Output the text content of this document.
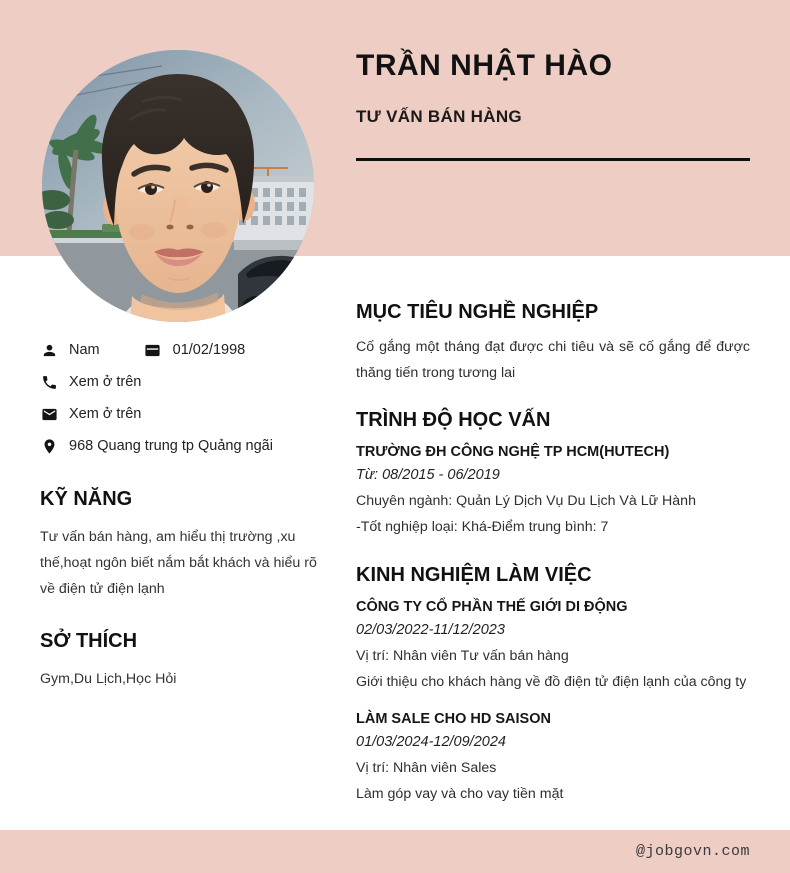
TRẦN NHẬT HÀO
TƯ VẤN BÁN HÀNG
Nam	01/02/1998
Xem ở trên
Xem ở trên
968 Quang trung tp Quảng ngãi
KỸ NĂNG
Tư vấn bán hàng, am hiểu thị trường ,xu thế,hoạt ngôn biết nắm bắt khách và hiểu rõ về điện tử điện lạnh
SỞ THÍCH
Gym,Du Lịch,Học Hỏi
MỤC TIÊU NGHỀ NGHIỆP
Cố gắng một tháng đạt được chi tiêu và sẽ cố gắng để được thăng tiến trong tương lai
TRÌNH ĐỘ HỌC VẤN
TRƯỜNG ĐH CÔNG NGHỆ TP HCM(HUTECH)
Từ: 08/2015 - 06/2019
Chuyên ngành: Quản Lý Dịch Vụ Du Lịch Và Lữ Hành
-Tốt nghiệp loại: Khá-Điểm trung bình: 7
KINH NGHIỆM LÀM VIỆC
CÔNG TY CỔ PHẦN THẾ GIỚI DI ĐỘNG
02/03/2022-11/12/2023
Vị trí: Nhân viên Tư vấn bán hàng
Giới thiệu cho khách hàng về đồ điện tử điện lạnh của công ty
LÀM SALE CHO HD SAISON
01/03/2024-12/09/2024
Vị trí: Nhân viên Sales
Làm góp vay và cho vay tiền mặt
@jobgovn.com
